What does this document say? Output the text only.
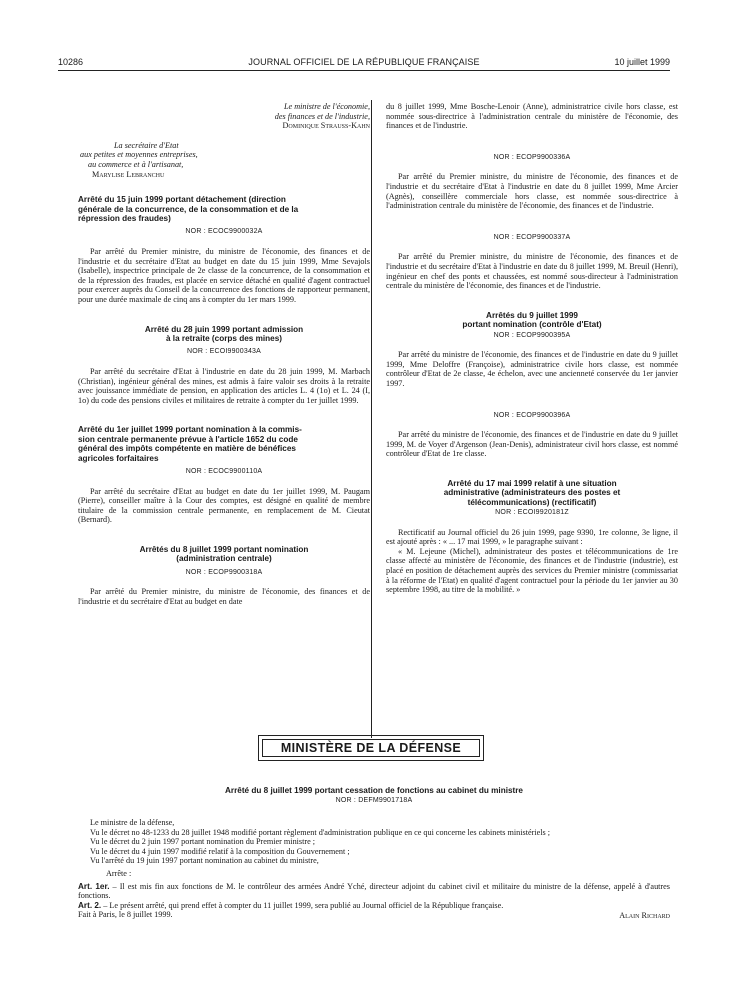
10286	JOURNAL OFFICIEL DE LA RÉPUBLIQUE FRANÇAISE	10 juillet 1999

Le ministre de l'économie,

des finances et de l'industrie,

Dominique Strauss-Kahn

La secrétaire d'Etat

aux petites et moyennes entreprises,

au commerce et à l'artisanat,

Marylise Lebranchu

Arrêté du 15 juin 1999 portant détachement (direction

générale de la concurrence, de la consommation et de la

répression des fraudes)

NOR : ECOC9900032A

Par arrêté du Premier ministre, du ministre de l'économie, des finances et de l'industrie et du secrétaire d'Etat au budget en date du 15 juin 1999, Mme Sevajols (Isabelle), inspectrice principale de 2e classe de la concurrence, de la consommation et de la répression des fraudes, est placée en service détaché en qualité d'agent contractuel pour exercer auprès du Conseil de la concurrence des fonctions de rapporteur permanent, pour une durée maximale de cinq ans à compter du 1er mars 1999.

Arrêté du 28 juin 1999 portant admission

à la retraite (corps des mines)

NOR : ECOI9900343A

Par arrêté du secrétaire d'Etat à l'industrie en date du 28 juin 1999, M. Marbach (Christian), ingénieur général des mines, est admis à faire valoir ses droits à la retraite avec jouissance immédiate de pension, en application des articles L. 4 (1o) et L. 24 (I, 1o) du code des pensions civiles et militaires de retraite à compter du 1er juillet 1999.

Arrêté du 1er juillet 1999 portant nomination à la commis-

sion centrale permanente prévue à l'article 1652 du code

général des impôts compétente en matière de bénéfices

agricoles forfaitaires

NOR : ECOC9900110A

Par arrêté du secrétaire d'Etat au budget en date du 1er juillet 1999, M. Paugam (Pierre), conseiller maître à la Cour des comptes, est désigné en qualité de membre titulaire de la commission centrale permanente, en remplacement de M. Cieutat (Bernard).

Arrêtés du 8 juillet 1999 portant nomination

(administration centrale)

NOR : ECOP9900318A

Par arrêté du Premier ministre, du ministre de l'économie, des finances et de l'industrie et du secrétaire d'Etat au budget en date

du 8 juillet 1999, Mme Bosche-Lenoir (Anne), administratrice civile hors classe, est nommée sous-directrice à l'administration centrale du ministère de l'économie, des finances et de l'industrie.

NOR : ECOP9900336A

Par arrêté du Premier ministre, du ministre de l'économie, des finances et de l'industrie et du secrétaire d'Etat à l'industrie en date du 8 juillet 1999, Mme Arcier (Agnès), conseillère commerciale hors classe, est nommée sous-directrice à l'administration centrale du ministère de l'économie, des finances et de l'industrie.

NOR : ECOP9900337A

Par arrêté du Premier ministre, du ministre de l'économie, des finances et de l'industrie et du secrétaire d'Etat à l'industrie en date du 8 juillet 1999, M. Breuil (Henri), ingénieur en chef des ponts et chaussées, est nommé sous-directeur à l'administration centrale du ministère de l'économie, des finances et de l'industrie.

Arrêtés du 9 juillet 1999

portant nomination (contrôle d'Etat)

NOR : ECOP9900395A

Par arrêté du ministre de l'économie, des finances et de l'industrie en date du 9 juillet 1999, Mme Deloffre (Françoise), administratrice civile hors classe, est nommée contrôleur d'Etat de 2e classe, 4e échelon, avec une ancienneté conservée du 1er janvier 1997.

NOR : ECOP9900396A

Par arrêté du ministre de l'économie, des finances et de l'industrie en date du 9 juillet 1999, M. de Voyer d'Argenson (Jean-Denis), administrateur civil hors classe, est nommé contrôleur d'Etat de 1re classe.

Arrêté du 17 mai 1999 relatif à une situation

administrative (administrateurs des postes et

télécommunications) (rectificatif)

NOR : ECOI9920181Z

Rectificatif au Journal officiel du 26 juin 1999, page 9390, 1re colonne, 3e ligne, il est ajouté après : « ... 17 mai 1999, » le paragraphe suivant :

« M. Lejeune (Michel), administrateur des postes et télécommunications de 1re classe affecté au ministère de l'économie, des finances et de l'industrie (industrie), est placé en position de détachement auprès des services du Premier ministre (commissariat à la réforme de l'Etat) en qualité d'agent contractuel pour la période du 1er janvier au 30 septembre 1998, au titre de la mobilité. »

MINISTÈRE DE LA DÉFENSE

Arrêté du 8 juillet 1999 portant cessation de fonctions au cabinet du ministre

NOR : DEFM9901718A

Le ministre de la défense,

Vu le décret no 48-1233 du 28 juillet 1948 modifié portant règlement d'administration publique en ce qui concerne les cabinets ministériels ;

Vu le décret du 2 juin 1997 portant nomination du Premier ministre ;

Vu le décret du 4 juin 1997 modifié relatif à la composition du Gouvernement ;

Vu l'arrêté du 19 juin 1997 portant nomination au cabinet du ministre,

Arrête :

Art. 1er. – Il est mis fin aux fonctions de M. le contrôleur des armées André Yché, directeur adjoint du cabinet civil et militaire du ministre de la défense, appelé à d'autres fonctions.

Art. 2. – Le présent arrêté, qui prend effet à compter du 11 juillet 1999, sera publié au Journal officiel de la République française.

Fait à Paris, le 8 juillet 1999.	Alain Richard
